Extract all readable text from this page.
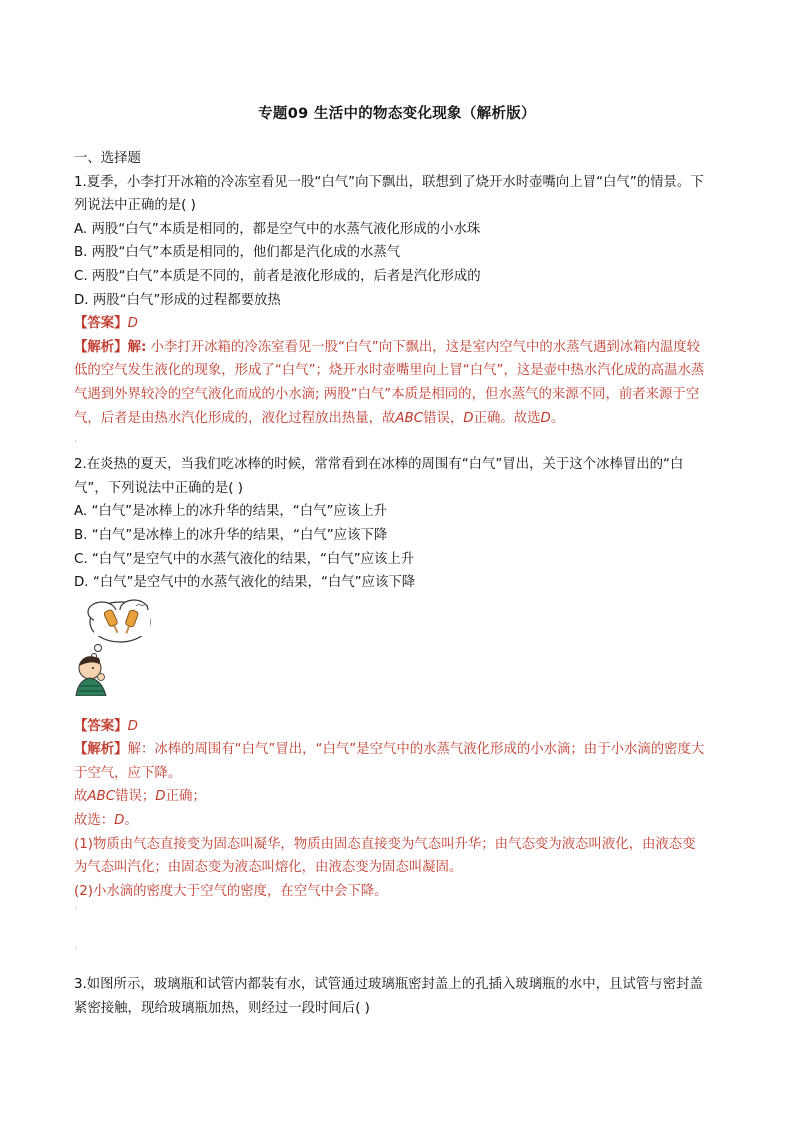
专题09 生活中的物态变化现象（解析版）
一、选择题
1.夏季，小李打开冰箱的冷冻室看见一股“白气”向下飘出，联想到了烧开水时壶嘴向上冒“白气”的情景。下
列说法中正确的是( )
A. 两股“白气”本质是相同的，都是空气中的水蒸气液化形成的小水珠
B. 两股“白气”本质是相同的，他们都是汽化成的水蒸气
C. 两股“白气”本质是不同的，前者是液化形成的，后者是汽化形成的
D. 两股“白气”形成的过程都要放热
【答案】D
【解析】解: 小李打开冰箱的冷冻室看见一股“白气”向下飘出，这是室内空气中的水蒸气遇到冰箱内温度较
低的空气发生液化的现象，形成了“白气”；烧开水时壶嘴里向上冒“白气”，这是壶中热水汽化成的高温水蒸
气遇到外界较冷的空气液化而成的小水滴; 两股“白气”本质是相同的，但水蒸气的来源不同，前者来源于空
气，后者是由热水汽化形成的，液化过程放出热量，故ABC错误，D正确。故选D。
2.在炎热的夏天，当我们吃冰棒的时候，常常看到在冰棒的周围有“白气”冒出，关于这个冰棒冒出的“白
气”，下列说法中正确的是( )
A. “白气”是冰棒上的冰升华的结果，“白气”应该上升
B. “白气”是冰棒上的冰升华的结果，“白气”应该下降
C. “白气”是空气中的水蒸气液化的结果，“白气”应该上升
D. “白气”是空气中的水蒸气液化的结果，“白气”应该下降
【答案】D
【解析】解：冰棒的周围有“白气”冒出，“白气”是空气中的水蒸气液化形成的小水滴；由于小水滴的密度大
于空气，应下降。
故ABC错误；D正确；
故选：D。
(1)物质由气态直接变为固态叫凝华，物质由固态直接变为气态叫升华；由气态变为液态叫液化，由液态变
为气态叫汽化；由固态变为液态叫熔化，由液态变为固态叫凝固。
(2)小水滴的密度大于空气的密度，在空气中会下降。
3.如图所示，玻璃瓶和试管内都装有水，试管通过玻璃瓶密封盖上的孔插入玻璃瓶的水中，且试管与密封盖
紧密接触，现给玻璃瓶加热，则经过一段时间后( )
·
·
·
